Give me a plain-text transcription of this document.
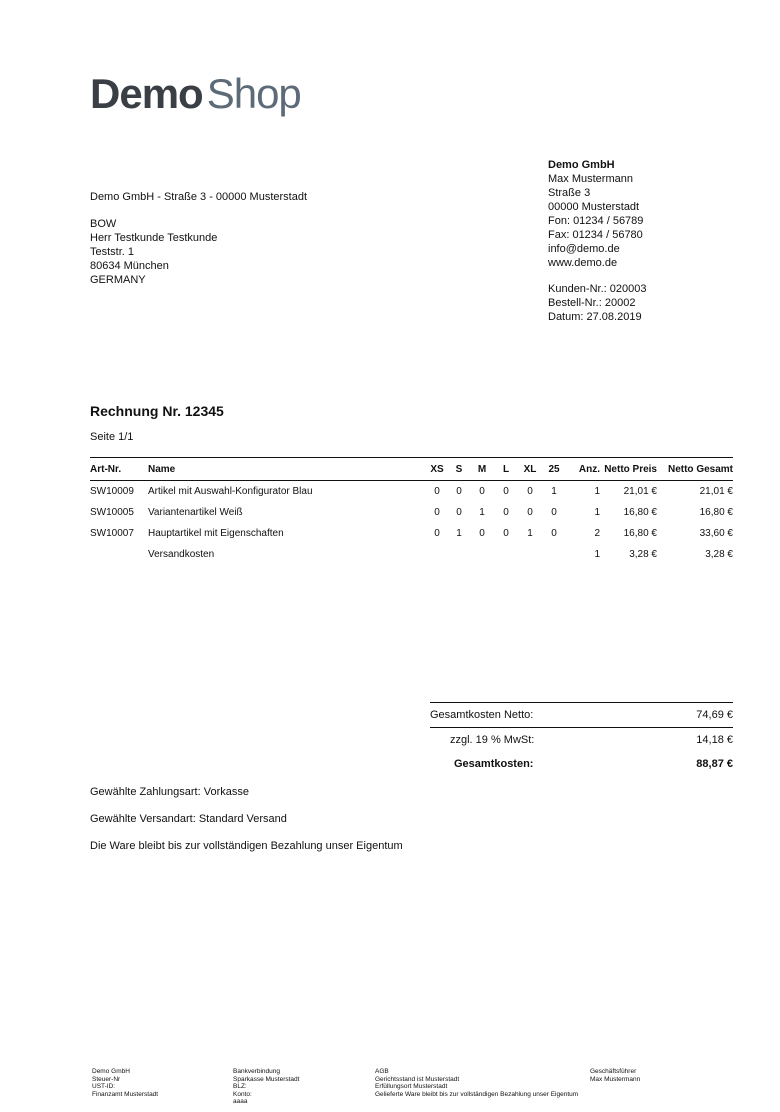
DemoShop
Demo GmbH - Straße 3 - 00000 Musterstadt
BOW
Herr Testkunde Testkunde
Teststr. 1
80634 München
GERMANY
Demo GmbH
Max Mustermann
Straße 3
00000 Musterstadt
Fon: 01234 / 56789
Fax: 01234 / 56780
info@demo.de
www.demo.de
Kunden-Nr.: 020003
Bestell-Nr.: 20002
Datum: 27.08.2019
Rechnung Nr. 12345
Seite 1/1
Art-Nr.	Name	XS	S	M	L	XL	25	Anz.	Netto Preis	Netto Gesamt
SW10009	Artikel mit Auswahl-Konfigurator Blau	0	0	0	0	0	1	1	21,01 €	21,01 €
SW10005	Variantenartikel Weiß	0	0	1	0	0	0	1	16,80 €	16,80 €
SW10007	Hauptartikel mit Eigenschaften	0	1	0	0	1	0	2	16,80 €	33,60 €
	Versandkosten							1	3,28 €	3,28 €
Gesamtkosten Netto:	74,69 €
zzgl. 19 % MwSt:	14,18 €
Gesamtkosten:	88,87 €
Gewählte Zahlungsart: Vorkasse
Gewählte Versandart: Standard Versand
Die Ware bleibt bis zur vollständigen Bezahlung unser Eigentum
Demo GmbH
Steuer-Nr
UST-ID:
Finanzamt Musterstadt
Bankverbindung
Sparkasse Musterstadt
BLZ:
Konto:
aaaa
AGB
Gerichtsstand ist Musterstadt
Erfüllungsort Musterstadt
Gelieferte Ware bleibt bis zur vollständigen Bezahlung unser Eigentum
Geschäftsführer
Max Mustermann
